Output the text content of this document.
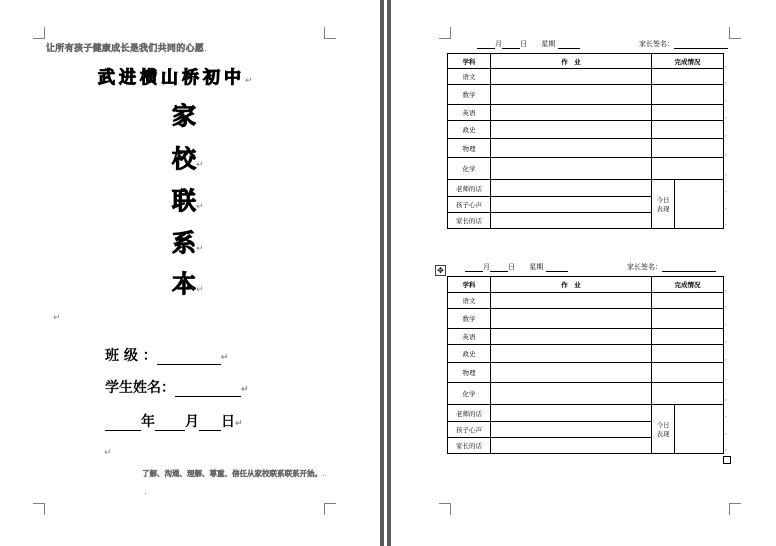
让所有孩子健康成长是我们共同的心愿.
武进横山桥初中↵
家
校↵
联↵
系↵
本↵
↵
班 级 ：	↵
学生姓名：	↵
年 月 日↵
↵
了解、沟通、理解、尊重、信任从家校联系联系开始。.
.
月	日 星期	家长签名：
学科	作　业	完成情况	
语文			
数学			
英语			
政史			
物理			
化学			
老师的话		今日
表现	
孩子心声			
家长的话			
,
,
,
,
,
,
,
,
,
,
✥	月	日 星期	家长签名：
学科	作　业	完成情况	
语文			
数学			
英语			
政史			
物理			
化学			
老师的话		今日
表现	
孩子心声			
家长的话			
,
,
,
,
,
,
,
,
,
,
